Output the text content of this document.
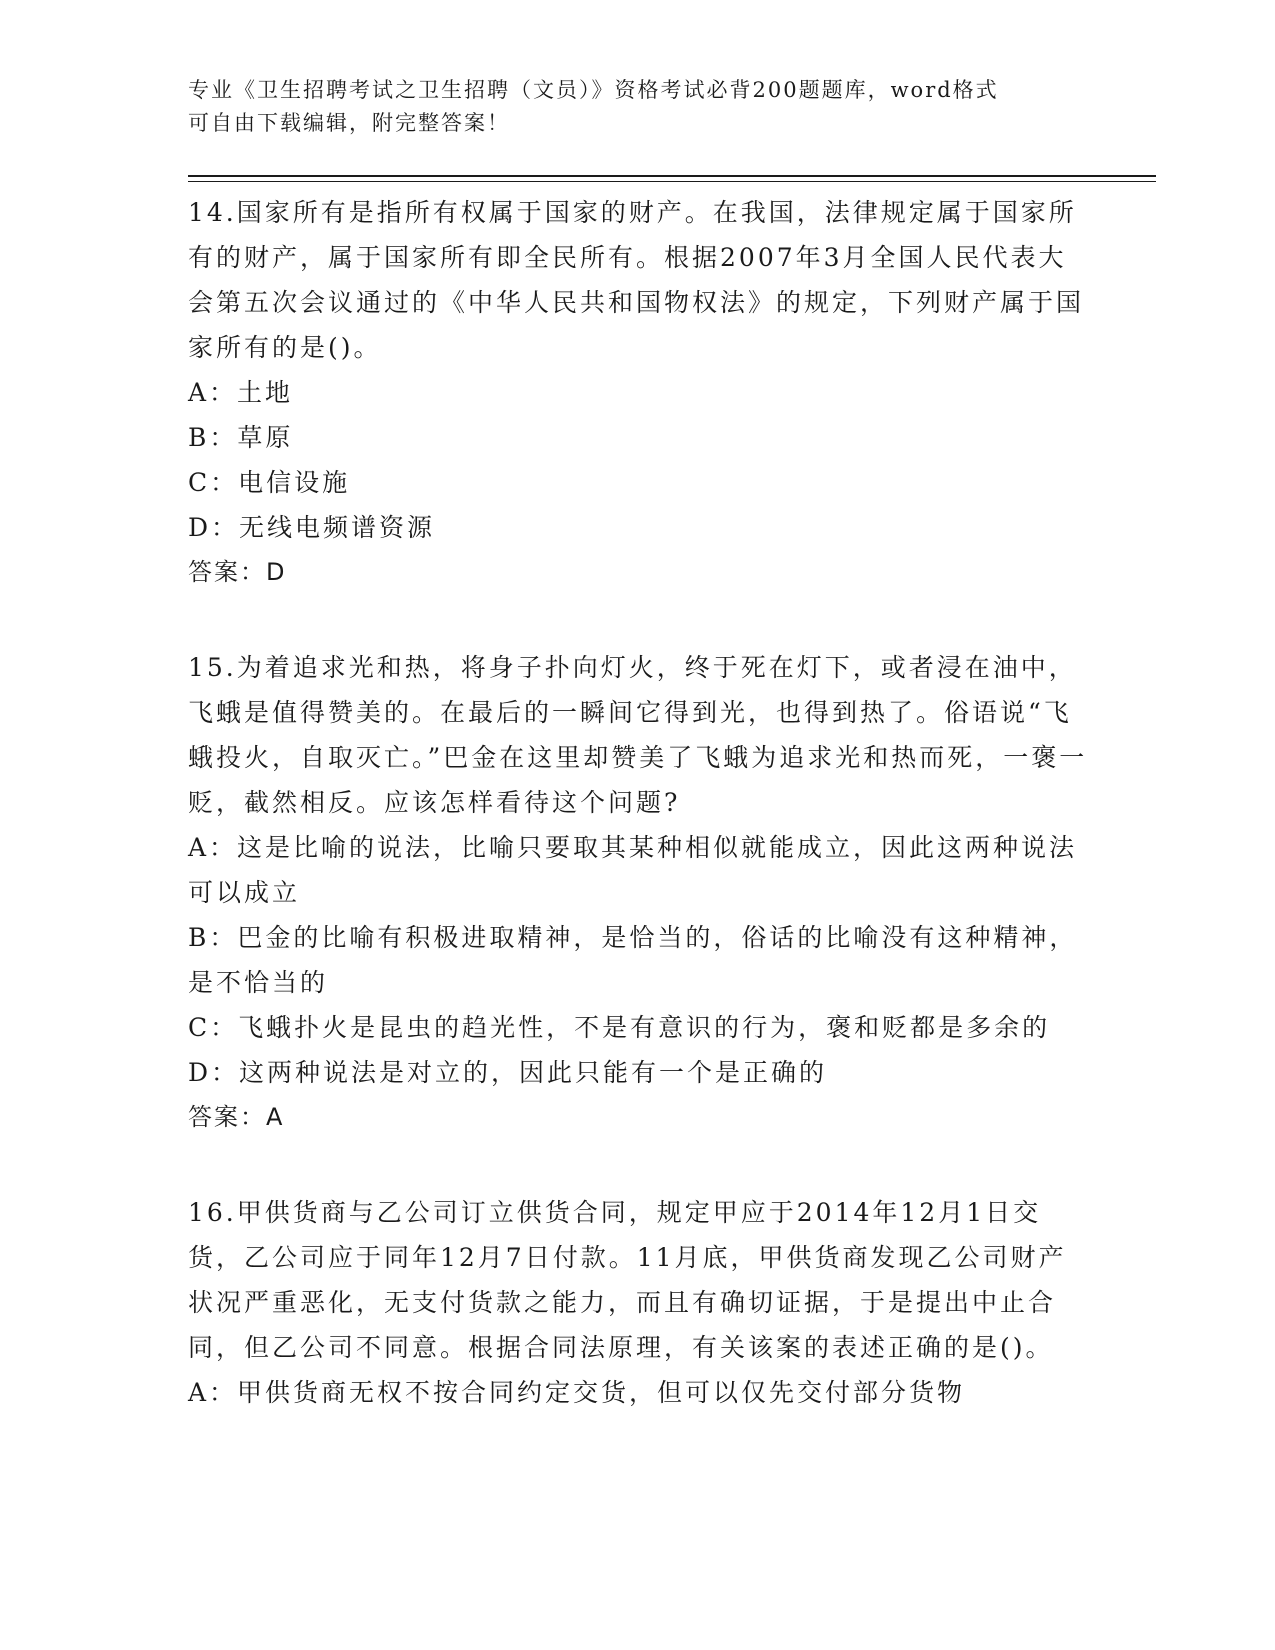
专业《卫生招聘考试之卫生招聘（文员）》资格考试必背200题题库，word格式
可自由下载编辑，附完整答案！

14.国家所有是指所有权属于国家的财产。在我国，法律规定属于国家所有的财产，属于国家所有即全民所有。根据2007年3月全国人民代表大会第五次会议通过的《中华人民共和国物权法》的规定，下列财产属于国家所有的是()。

A：土地

B：草原

C：电信设施

D：无线电频谱资源

答案：D

15.为着追求光和热，将身子扑向灯火，终于死在灯下，或者浸在油中，飞蛾是值得赞美的。在最后的一瞬间它得到光，也得到热了。俗语说“飞蛾投火，自取灭亡。”巴金在这里却赞美了飞蛾为追求光和热而死，一褒一贬，截然相反。应该怎样看待这个问题?

A：这是比喻的说法，比喻只要取其某种相似就能成立，因此这两种说法可以成立

B：巴金的比喻有积极进取精神，是恰当的，俗话的比喻没有这种精神，是不恰当的

C：飞蛾扑火是昆虫的趋光性，不是有意识的行为，褒和贬都是多余的

D：这两种说法是对立的，因此只能有一个是正确的

答案：A

16.甲供货商与乙公司订立供货合同，规定甲应于2014年12月1日交货，乙公司应于同年12月7日付款。11月底，甲供货商发现乙公司财产状况严重恶化，无支付货款之能力，而且有确切证据，于是提出中止合同，但乙公司不同意。根据合同法原理，有关该案的表述正确的是()。

A：甲供货商无权不按合同约定交货，但可以仅先交付部分货物
